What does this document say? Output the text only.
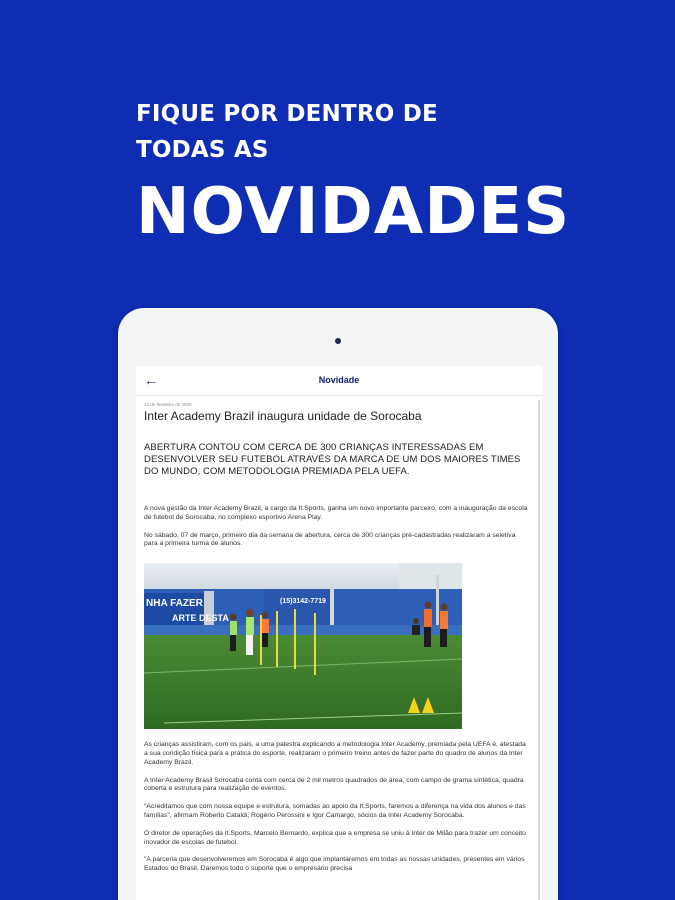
FIQUE POR DENTRO DE
TODAS AS
NOVIDADES
←	Novidade
12 de fevereiro de 2020
Inter Academy Brazil inaugura unidade de Sorocaba
ABERTURA CONTOU COM CERCA DE 300 CRIANÇAS INTERESSADAS EM DESENVOLVER SEU FUTEBOL ATRAVÉS DA MARCA DE UM DOS MAIORES TIMES DO MUNDO, COM METODOLOGIA PREMIADA PELA UEFA.

A nova gestão da Inter Academy Brazil, a cargo da It.Sports, ganha um novo importante parceiro, com a inauguração da escola de futebol de Sorocaba, no complexo esportivo Arena Play.

No sábado, 07 de março, primeiro dia da semana de abertura, cerca de 300 crianças pré-cadastradas realizaram a seletiva para a primeira turma de alunos.

NHA FAZER
ARTE DESTA
(15)3142-7719

As crianças assistiram, com os pais, a uma palestra explicando a metodologia Inter Academy, premiada pela UEFA e, atestada a sua condição física para a prática do esporte, realizaram o primeiro treino antes de fazer parte do quadro de alunos da Inter Academy Brazil.

A Inter Academy Brasil Sorocaba conta com cerca de 2 mil metros quadrados de área, com campo de grama sintética, quadra coberta e estrutura para realização de eventos.

"Acreditamos que com nossa equipe e estrutura, somadas ao apoio da It.Sports, faremos a diferença na vida dos alunos e das famílias", afirmam Roberto Cataldi, Rogério Perossini e Igor Camargo, sócios da Inter Academy Sorocaba.

O diretor de operações da It.Sports, Marcelo Bernardo, explica que a empresa se uniu à Inter de Milão para trazer um conceito inovador de escolas de futebol.

"A parceria que desenvolveremos em Sorocaba é algo que implantaremos em todas as nossas unidades, presentes em vários Estados do Brasil. Daremos todo o suporte que o empresário precisa
